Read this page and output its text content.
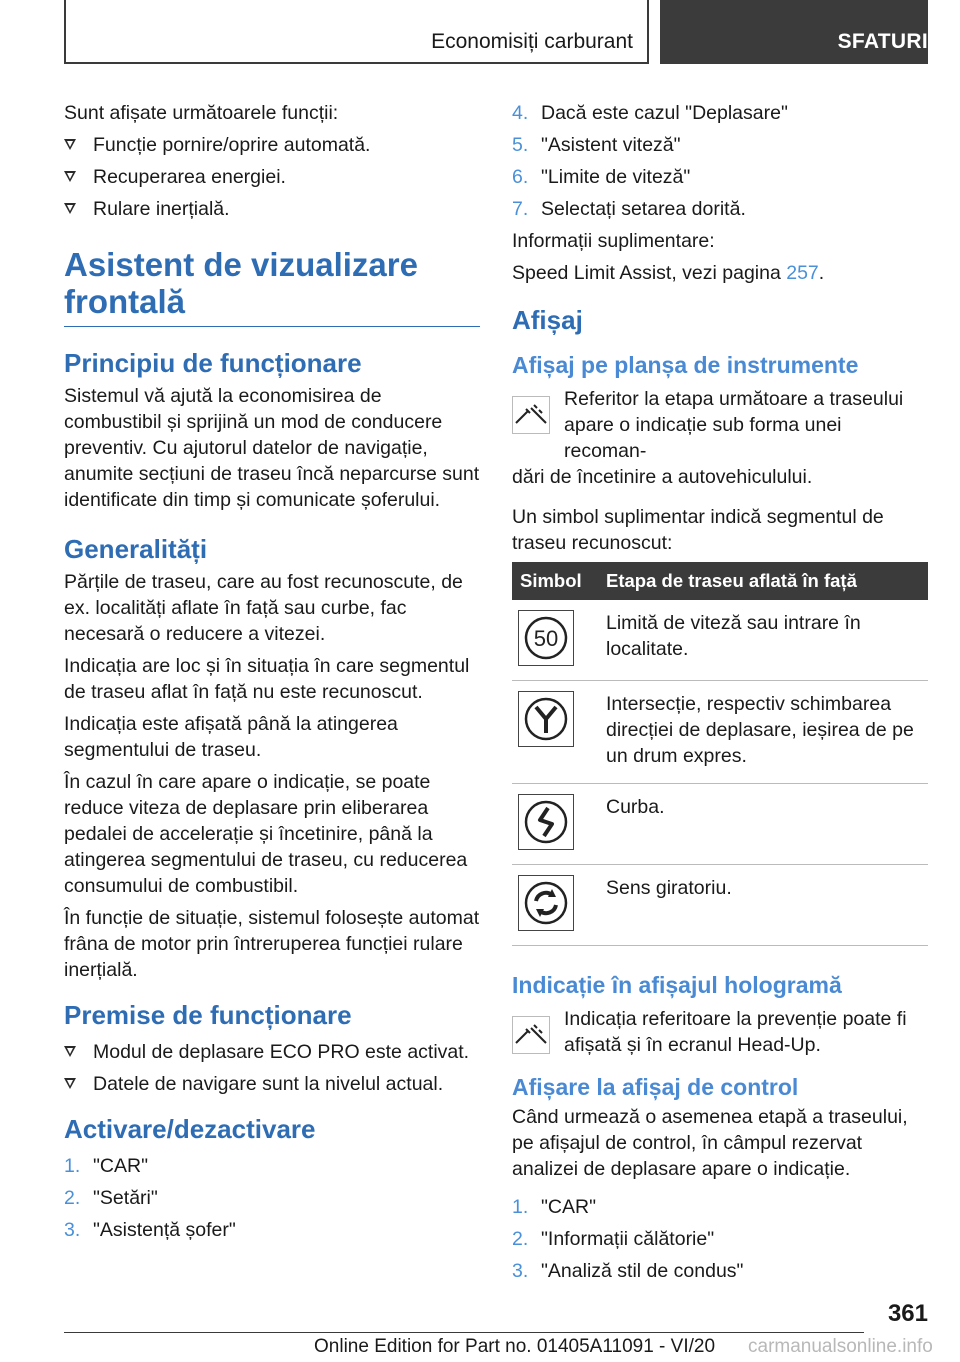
Economisiți carburant	SFATURI

Sunt afișate următoarele funcții:

Funcție pornire/oprire automată.
Recuperarea energiei.
Rulare inerțială.
Asistent de vizualizare frontală
Principiu de funcționare

Sistemul vă ajută la economisirea de combustibil și sprijină un mod de conducere preventiv. Cu ajutorul datelor de navigație, anumite secțiuni de traseu încă neparcurse sunt identificate din timp și comunicate șoferului.

Generalități

Părțile de traseu, care au fost recunoscute, de ex. localități aflate în față sau curbe, fac necesară o reducere a vitezei.

Indicația are loc și în situația în care segmentul de traseu aflat în față nu este recunoscut.

Indicația este afișată până la atingerea segmentului de traseu.

În cazul în care apare o indicație, se poate reduce viteza de deplasare prin eliberarea pedalei de accelerație și încetinire, până la atingerea segmentului de traseu, cu reducerea consumului de combustibil.

În funcție de situație, sistemul folosește automat frâna de motor prin întreruperea funcției rulare inerțială.

Premise de funcționare
Modul de deplasare ECO PRO este activat.
Datele de navigare sunt la nivelul actual.
Activare/dezactivare
1. "CAR"
2. "Setări"
3. "Asistență șofer"
4. Dacă este cazul "Deplasare"
5. "Asistent viteză"
6. "Limite de viteză"
7. Selectați setarea dorită.

Informații suplimentare:

Speed Limit Assist, vezi pagina 257.

Afișaj
Afișaj pe planșa de instrumente
Referitor la etapa următoare a traseului apare o indicație sub forma unei recoman-
dări de încetinire a autovehiculului.

Un simbol suplimentar indică segmentul de traseu recunoscut:

Simbol	Etapa de traseu aflată în față

50	Limită de viteză sau intrare în localitate.

	Intersecție, respectiv schimbarea direcției de deplasare, ieșirea de pe un drum expres.

	Curba.

	Sens giratoriu.
Indicație în afișajul hologramă
Indicația referitoare la prevenție poate fi afișată și în ecranul Head-Up.
Afișare la afișaj de control

Când urmează o asemenea etapă a traseului, pe afișajul de control, în câmpul rezervat analizei de deplasare apare o indicație.

1. "CAR"
2. "Informații călătorie"
3. "Analiză stil de condus"
361
Online Edition for Part no. 01405A11091 - VI/20 carmanualsonline.info
